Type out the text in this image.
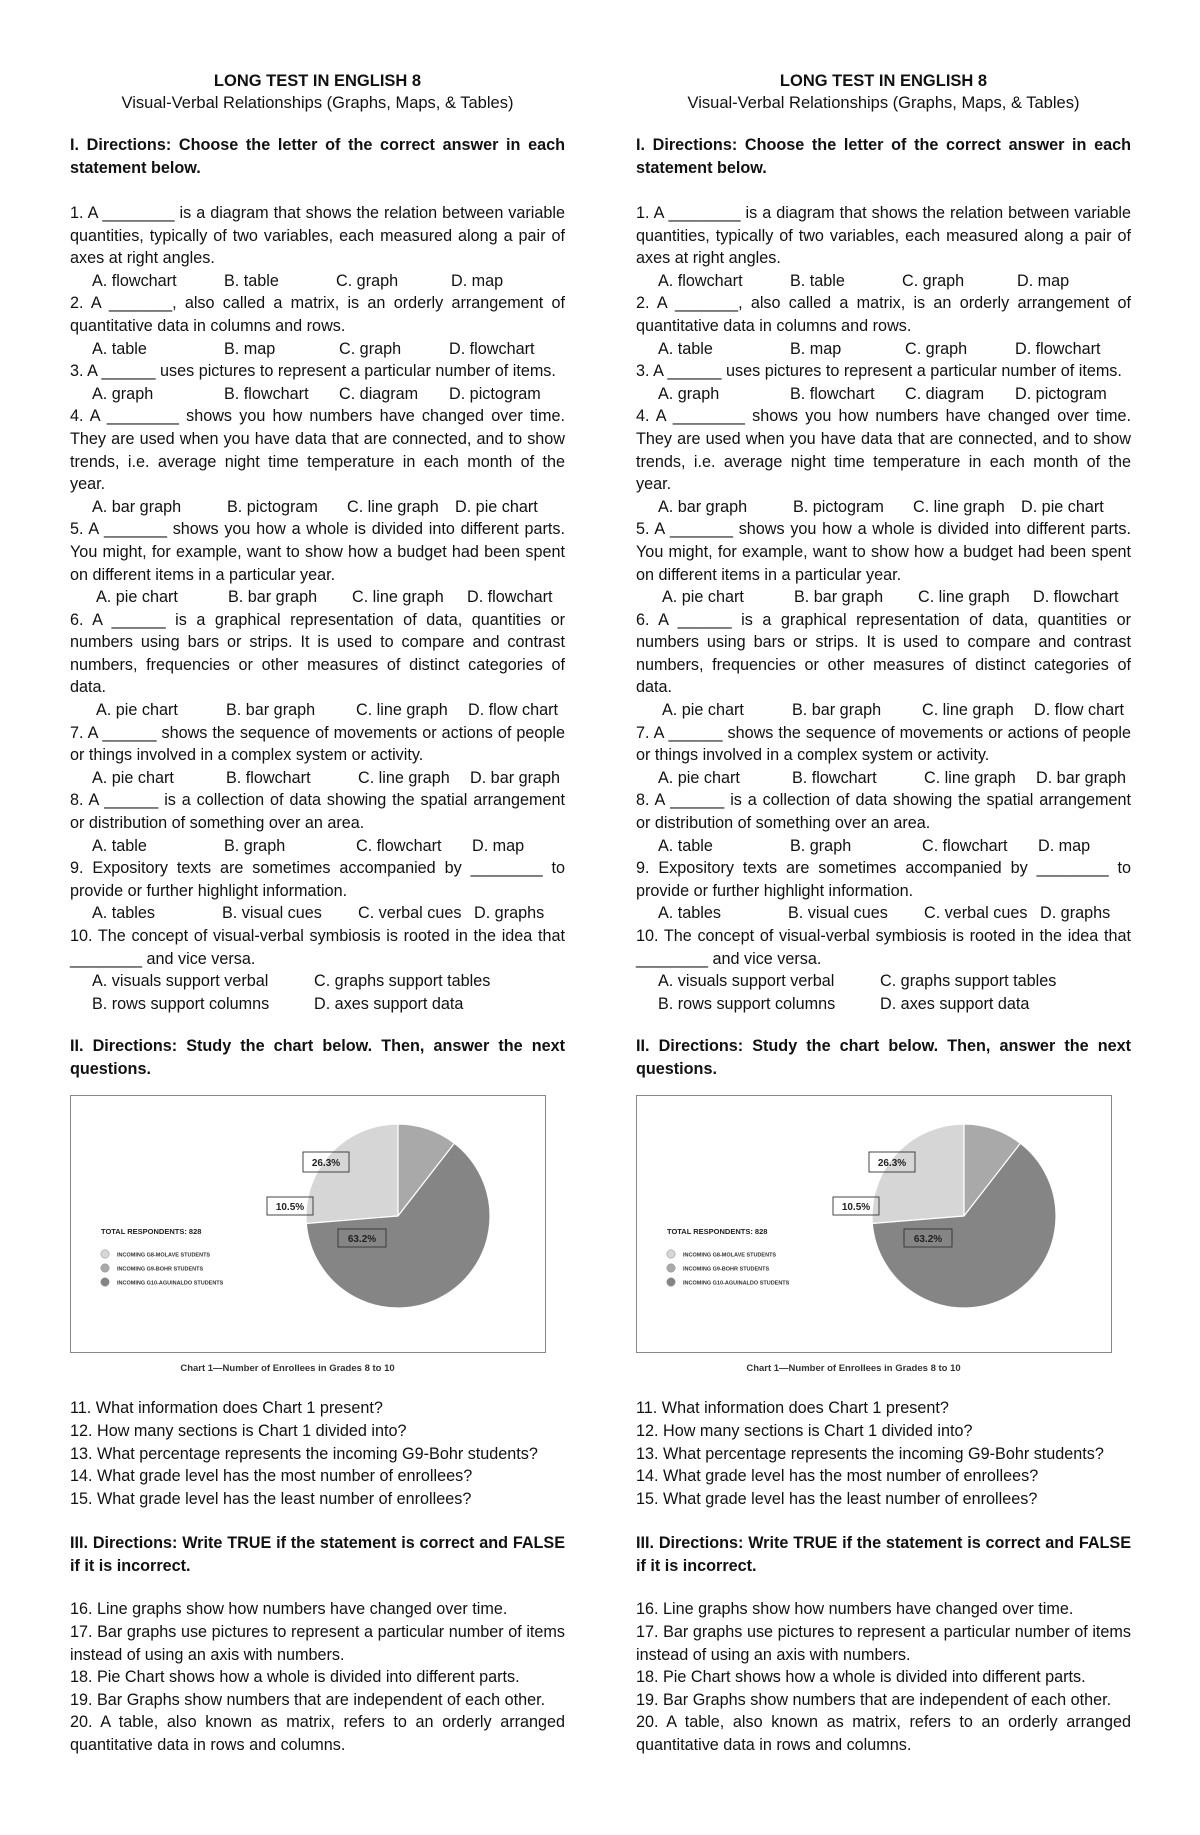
LONG TEST IN ENGLISH 8
Visual-Verbal Relationships (Graphs, Maps, & Tables)
I. Directions: Choose the letter of the correct answer in each statement below.
1. A ________ is a diagram that shows the relation between variable quantities, typically of two variables, each measured along a pair of axes at right angles.
A. flowchart	B. table	C. graph	D. map
2. A _______, also called a matrix, is an orderly arrangement of quantitative data in columns and rows.
A. table	B. map	C. graph	D. flowchart
3. A ______ uses pictures to represent a particular number of items.
A. graph	B. flowchart	C. diagram	D. pictogram
4. A ________ shows you how numbers have changed over time. They are used when you have data that are connected, and to show trends, i.e. average night time temperature in each month of the year.
A. bar graph	B. pictogram	C. line graph	D. pie chart
5. A _______ shows you how a whole is divided into different parts. You might, for example, want to show how a budget had been spent on different items in a particular year.
A. pie chart	B. bar graph	C. line graph	D. flowchart
6. A ______ is a graphical representation of data, quantities or numbers using bars or strips. It is used to compare and contrast numbers, frequencies or other measures of distinct categories of data.
A. pie chart	B. bar graph	C. line graph	D. flow chart
7. A ______ shows the sequence of movements or actions of people or things involved in a complex system or activity.
A. pie chart	B. flowchart	C. line graph	D. bar graph
8. A ______ is a collection of data showing the spatial arrangement or distribution of something over an area.
A. table	B. graph	C. flowchart	D. map
9. Expository texts are sometimes accompanied by ________ to provide or further highlight information.
A. tables	B. visual cues	C. verbal cues D. graphs
10. The concept of visual-verbal symbiosis is rooted in the idea that ________ and vice versa.
A. visuals support verbal	C. graphs support tables
B. rows support columns	D. axes support data
II. Directions: Study the chart below. Then, answer the next questions.
TOTAL RESPONDENTS: 828
INCOMING G8-MOLAVE STUDENTS
INCOMING G9-BOHR STUDENTS
INCOMING G10-AGUINALDO STUDENTS
26.3%
10.5%
63.2%
Chart 1—Number of Enrollees in Grades 8 to 10
11. What information does Chart 1 present?
12. How many sections is Chart 1 divided into?
13. What percentage represents the incoming G9-Bohr students?
14. What grade level has the most number of enrollees?
15. What grade level has the least number of enrollees?
III. Directions: Write TRUE if the statement is correct and FALSE if it is incorrect.
16. Line graphs show how numbers have changed over time.
17. Bar graphs use pictures to represent a particular number of items instead of using an axis with numbers.
18. Pie Chart shows how a whole is divided into different parts.
19. Bar Graphs show numbers that are independent of each other.
20. A table, also known as matrix, refers to an orderly arranged quantitative data in rows and columns.
LONG TEST IN ENGLISH 8
Visual-Verbal Relationships (Graphs, Maps, & Tables)
I. Directions: Choose the letter of the correct answer in each statement below.
1. A ________ is a diagram that shows the relation between variable quantities, typically of two variables, each measured along a pair of axes at right angles.
A. flowchart	B. table	C. graph	D. map
2. A _______, also called a matrix, is an orderly arrangement of quantitative data in columns and rows.
A. table	B. map	C. graph	D. flowchart
3. A ______ uses pictures to represent a particular number of items.
A. graph	B. flowchart	C. diagram	D. pictogram
4. A ________ shows you how numbers have changed over time. They are used when you have data that are connected, and to show trends, i.e. average night time temperature in each month of the year.
A. bar graph	B. pictogram	C. line graph	D. pie chart
5. A _______ shows you how a whole is divided into different parts. You might, for example, want to show how a budget had been spent on different items in a particular year.
A. pie chart	B. bar graph	C. line graph	D. flowchart
6. A ______ is a graphical representation of data, quantities or numbers using bars or strips. It is used to compare and contrast numbers, frequencies or other measures of distinct categories of data.
A. pie chart	B. bar graph	C. line graph	D. flow chart
7. A ______ shows the sequence of movements or actions of people or things involved in a complex system or activity.
A. pie chart	B. flowchart	C. line graph	D. bar graph
8. A ______ is a collection of data showing the spatial arrangement or distribution of something over an area.
A. table	B. graph	C. flowchart	D. map
9. Expository texts are sometimes accompanied by ________ to provide or further highlight information.
A. tables	B. visual cues	C. verbal cues D. graphs
10. The concept of visual-verbal symbiosis is rooted in the idea that ________ and vice versa.
A. visuals support verbal	C. graphs support tables
B. rows support columns	D. axes support data
II. Directions: Study the chart below. Then, answer the next questions.
TOTAL RESPONDENTS: 828
INCOMING G8-MOLAVE STUDENTS
INCOMING G9-BOHR STUDENTS
INCOMING G10-AGUINALDO STUDENTS
26.3%
10.5%
63.2%
Chart 1—Number of Enrollees in Grades 8 to 10
11. What information does Chart 1 present?
12. How many sections is Chart 1 divided into?
13. What percentage represents the incoming G9-Bohr students?
14. What grade level has the most number of enrollees?
15. What grade level has the least number of enrollees?
III. Directions: Write TRUE if the statement is correct and FALSE if it is incorrect.
16. Line graphs show how numbers have changed over time.
17. Bar graphs use pictures to represent a particular number of items instead of using an axis with numbers.
18. Pie Chart shows how a whole is divided into different parts.
19. Bar Graphs show numbers that are independent of each other.
20. A table, also known as matrix, refers to an orderly arranged quantitative data in rows and columns.
